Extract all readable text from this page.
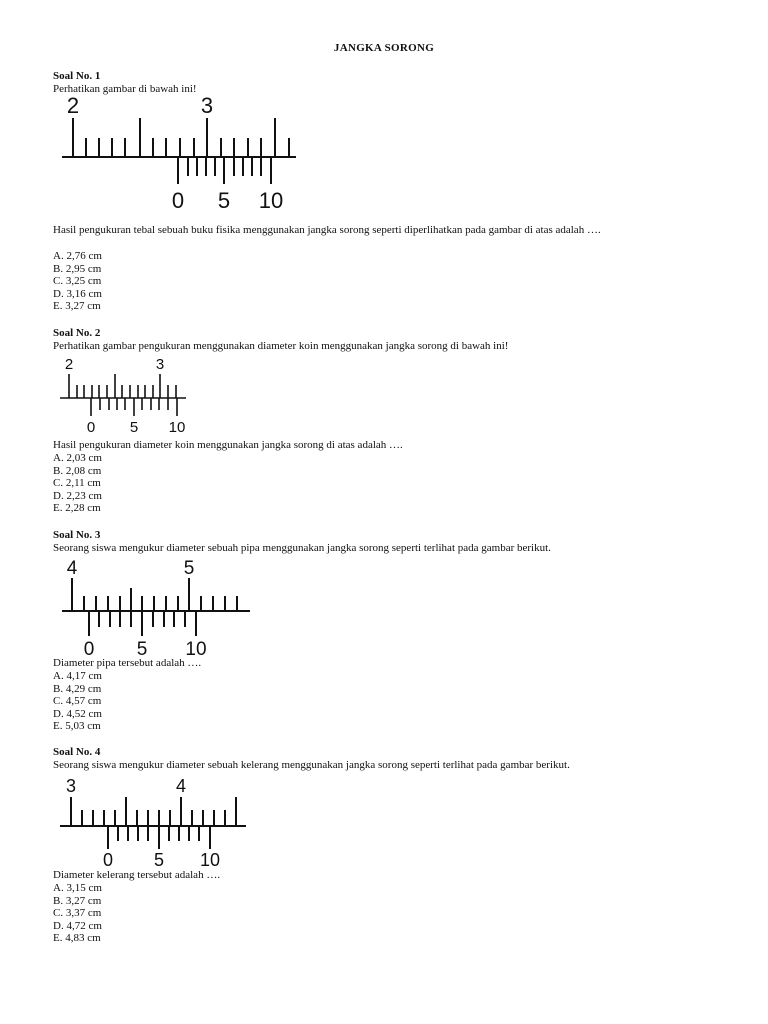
JANGKA SORONG
Soal No. 1
Perhatikan gambar di bawah ini!
2	3
0 5 10
Hasil pengukuran tebal sebuah buku fisika menggunakan jangka sorong seperti diperlihatkan pada gambar di atas adalah ….
A. 2,76 cm
B. 2,95 cm
C. 3,25 cm
D. 3,16 cm
E. 3,27 cm
Soal No. 2
Perhatikan gambar pengukuran menggunakan diameter koin menggunakan jangka sorong di bawah ini!
2	3
0 5 10
Hasil pengukuran diameter koin menggunakan jangka sorong di atas adalah ….
A. 2,03 cm
B. 2,08 cm
C. 2,11 cm
D. 2,23 cm
E. 2,28 cm
Soal No. 3
Seorang siswa mengukur diameter sebuah pipa menggunakan jangka sorong seperti terlihat pada gambar berikut.
4	5
0 5 10
Diameter pipa tersebut adalah ….
A. 4,17 cm
B. 4,29 cm
C. 4,57 cm
D. 4,52 cm
E. 5,03 cm
Soal No. 4
Seorang siswa mengukur diameter sebuah kelerang menggunakan jangka sorong seperti terlihat pada gambar berikut.
3	4
0 5 10
Diameter kelerang tersebut adalah ….
A. 3,15 cm
B. 3,27 cm
C. 3,37 cm
D. 4,72 cm
E. 4,83 cm
